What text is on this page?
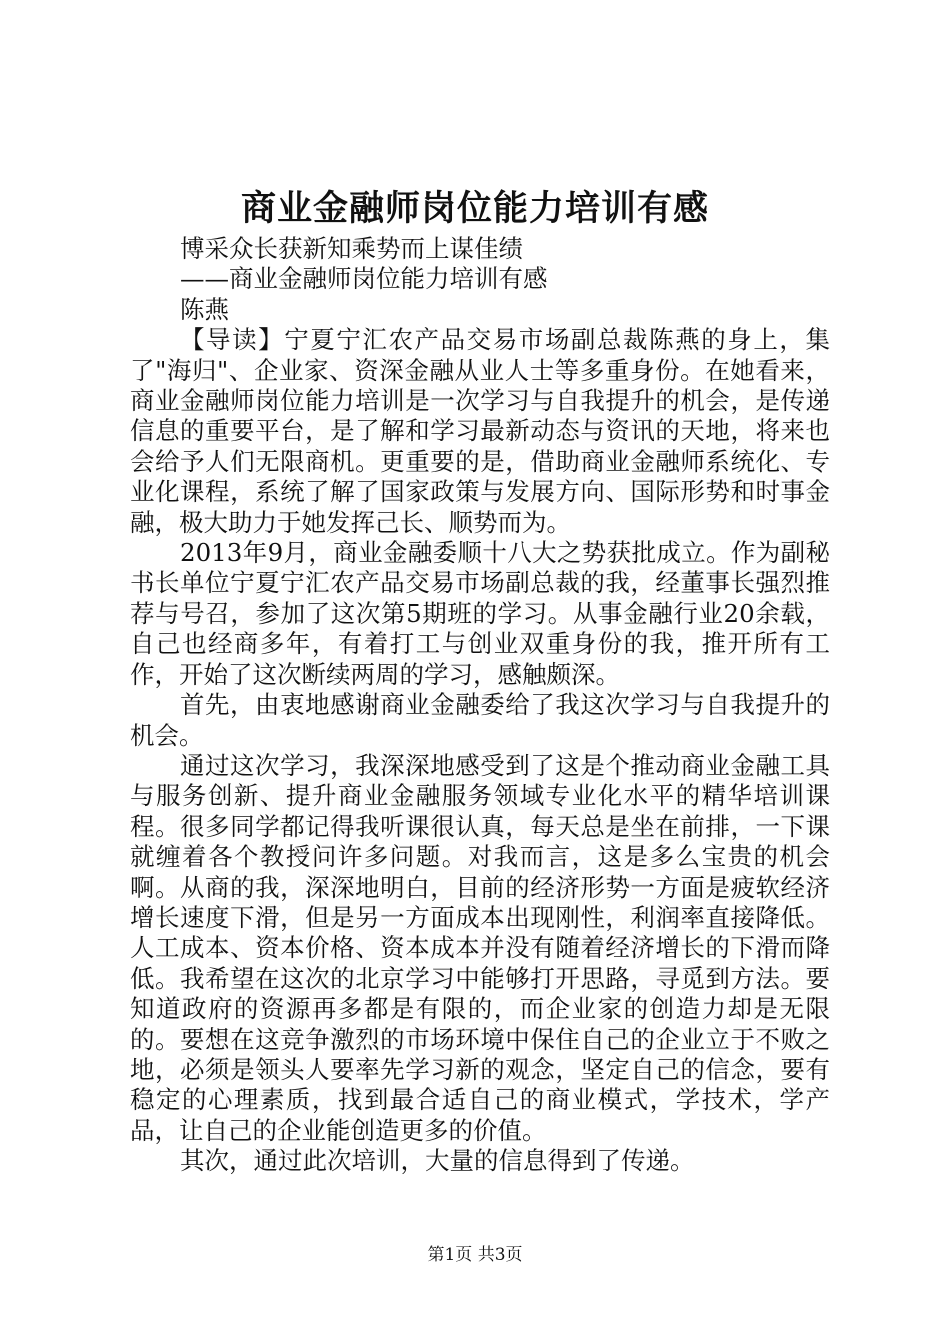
商业金融师岗位能力培训有感

博采众长获新知乘势而上谋佳绩

——商业金融师岗位能力培训有感

陈燕

【导读】宁夏宁汇农产品交易市场副总裁陈燕的身上，集了"海归"、企业家、资深金融从业人士等多重身份。在她看来，商业金融师岗位能力培训是一次学习与自我提升的机会，是传递信息的重要平台，是了解和学习最新动态与资讯的天地，将来也会给予人们无限商机。更重要的是，借助商业金融师系统化、专业化课程，系统了解了国家政策与发展方向、国际形势和时事金融，极大助力于她发挥己长、顺势而为。

2013年9月，商业金融委顺十八大之势获批成立。作为副秘书长单位宁夏宁汇农产品交易市场副总裁的我，经董事长强烈推荐与号召，参加了这次第5期班的学习。从事金融行业20余载，自己也经商多年，有着打工与创业双重身份的我，推开所有工作，开始了这次断续两周的学习，感触颇深。

首先，由衷地感谢商业金融委给了我这次学习与自我提升的机会。

通过这次学习，我深深地感受到了这是个推动商业金融工具与服务创新、提升商业金融服务领域专业化水平的精华培训课程。很多同学都记得我听课很认真，每天总是坐在前排，一下课就缠着各个教授问许多问题。对我而言，这是多么宝贵的机会啊。从商的我，深深地明白，目前的经济形势一方面是疲软经济增长速度下滑，但是另一方面成本出现刚性，利润率直接降低。人工成本、资本价格、资本成本并没有随着经济增长的下滑而降低。我希望在这次的北京学习中能够打开思路，寻觅到方法。要知道政府的资源再多都是有限的，而企业家的创造力却是无限的。要想在这竞争激烈的市场环境中保住自己的企业立于不败之地，必须是领头人要率先学习新的观念，坚定自己的信念，要有稳定的心理素质，找到最合适自己的商业模式，学技术，学产品，让自己的企业能创造更多的价值。

其次，通过此次培训，大量的信息得到了传递。

第1页 共3页
